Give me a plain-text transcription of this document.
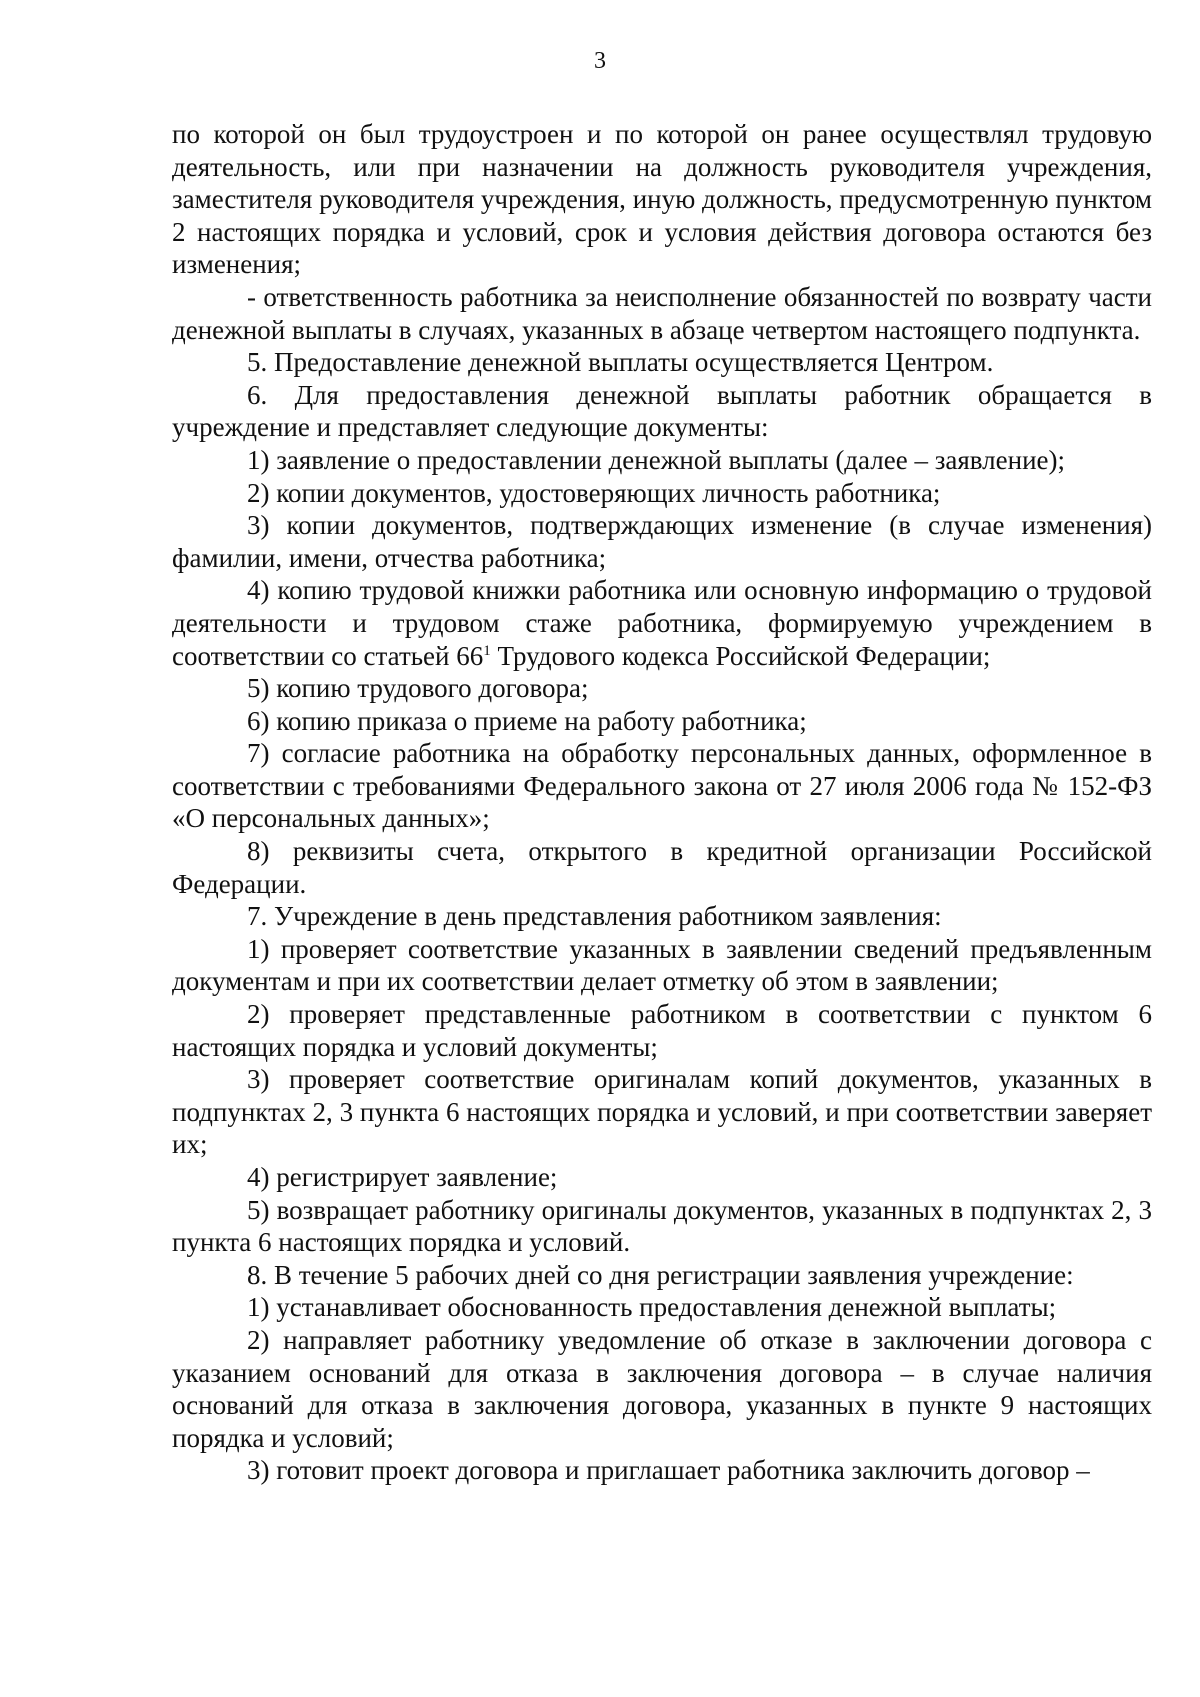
3

по которой он был трудоустроен и по которой он ранее осуществлял трудовую деятельность, или при назначении на должность руководителя учреждения, заместителя руководителя учреждения, иную должность, предусмотренную пунктом 2 настоящих порядка и условий, срок и условия действия договора остаются без изменения;

- ответственность работника за неисполнение обязанностей по возврату части денежной выплаты в случаях, указанных в абзаце четвертом настоящего подпункта.

5. Предоставление денежной выплаты осуществляется Центром.

6. Для предоставления денежной выплаты работник обращается в учреждение и представляет следующие документы:

1) заявление о предоставлении денежной выплаты (далее – заявление);

2) копии документов, удостоверяющих личность работника;

3) копии документов, подтверждающих изменение (в случае изменения) фамилии, имени, отчества работника;

4) копию трудовой книжки работника или основную информацию о трудовой деятельности и трудовом стаже работника, формируемую учреждением в соответствии со статьей $66^1$ Трудового кодекса Российской Федерации;

5) копию трудового договора;

6) копию приказа о приеме на работу работника;

7) согласие работника на обработку персональных данных, оформленное в соответствии с требованиями Федерального закона от 27 июля 2006 года № 152-ФЗ «О персональных данных»;

8) реквизиты счета, открытого в кредитной организации Российской Федерации.

7. Учреждение в день представления работником заявления:

1) проверяет соответствие указанных в заявлении сведений предъявленным документам и при их соответствии делает отметку об этом в заявлении;

2) проверяет представленные работником в соответствии с пунктом 6 настоящих порядка и условий документы;

3) проверяет соответствие оригиналам копий документов, указанных в подпунктах 2, 3 пункта 6 настоящих порядка и условий, и при соответствии заверяет их;

4) регистрирует заявление;

5) возвращает работнику оригиналы документов, указанных в подпунктах 2, 3 пункта 6 настоящих порядка и условий.

8. В течение 5 рабочих дней со дня регистрации заявления учреждение:

1) устанавливает обоснованность предоставления денежной выплаты;

2) направляет работнику уведомление об отказе в заключении договора с указанием оснований для отказа в заключения договора – в случае наличия оснований для отказа в заключения договора, указанных в пункте 9 настоящих порядка и условий;

3) готовит проект договора и приглашает работника заключить договор –
